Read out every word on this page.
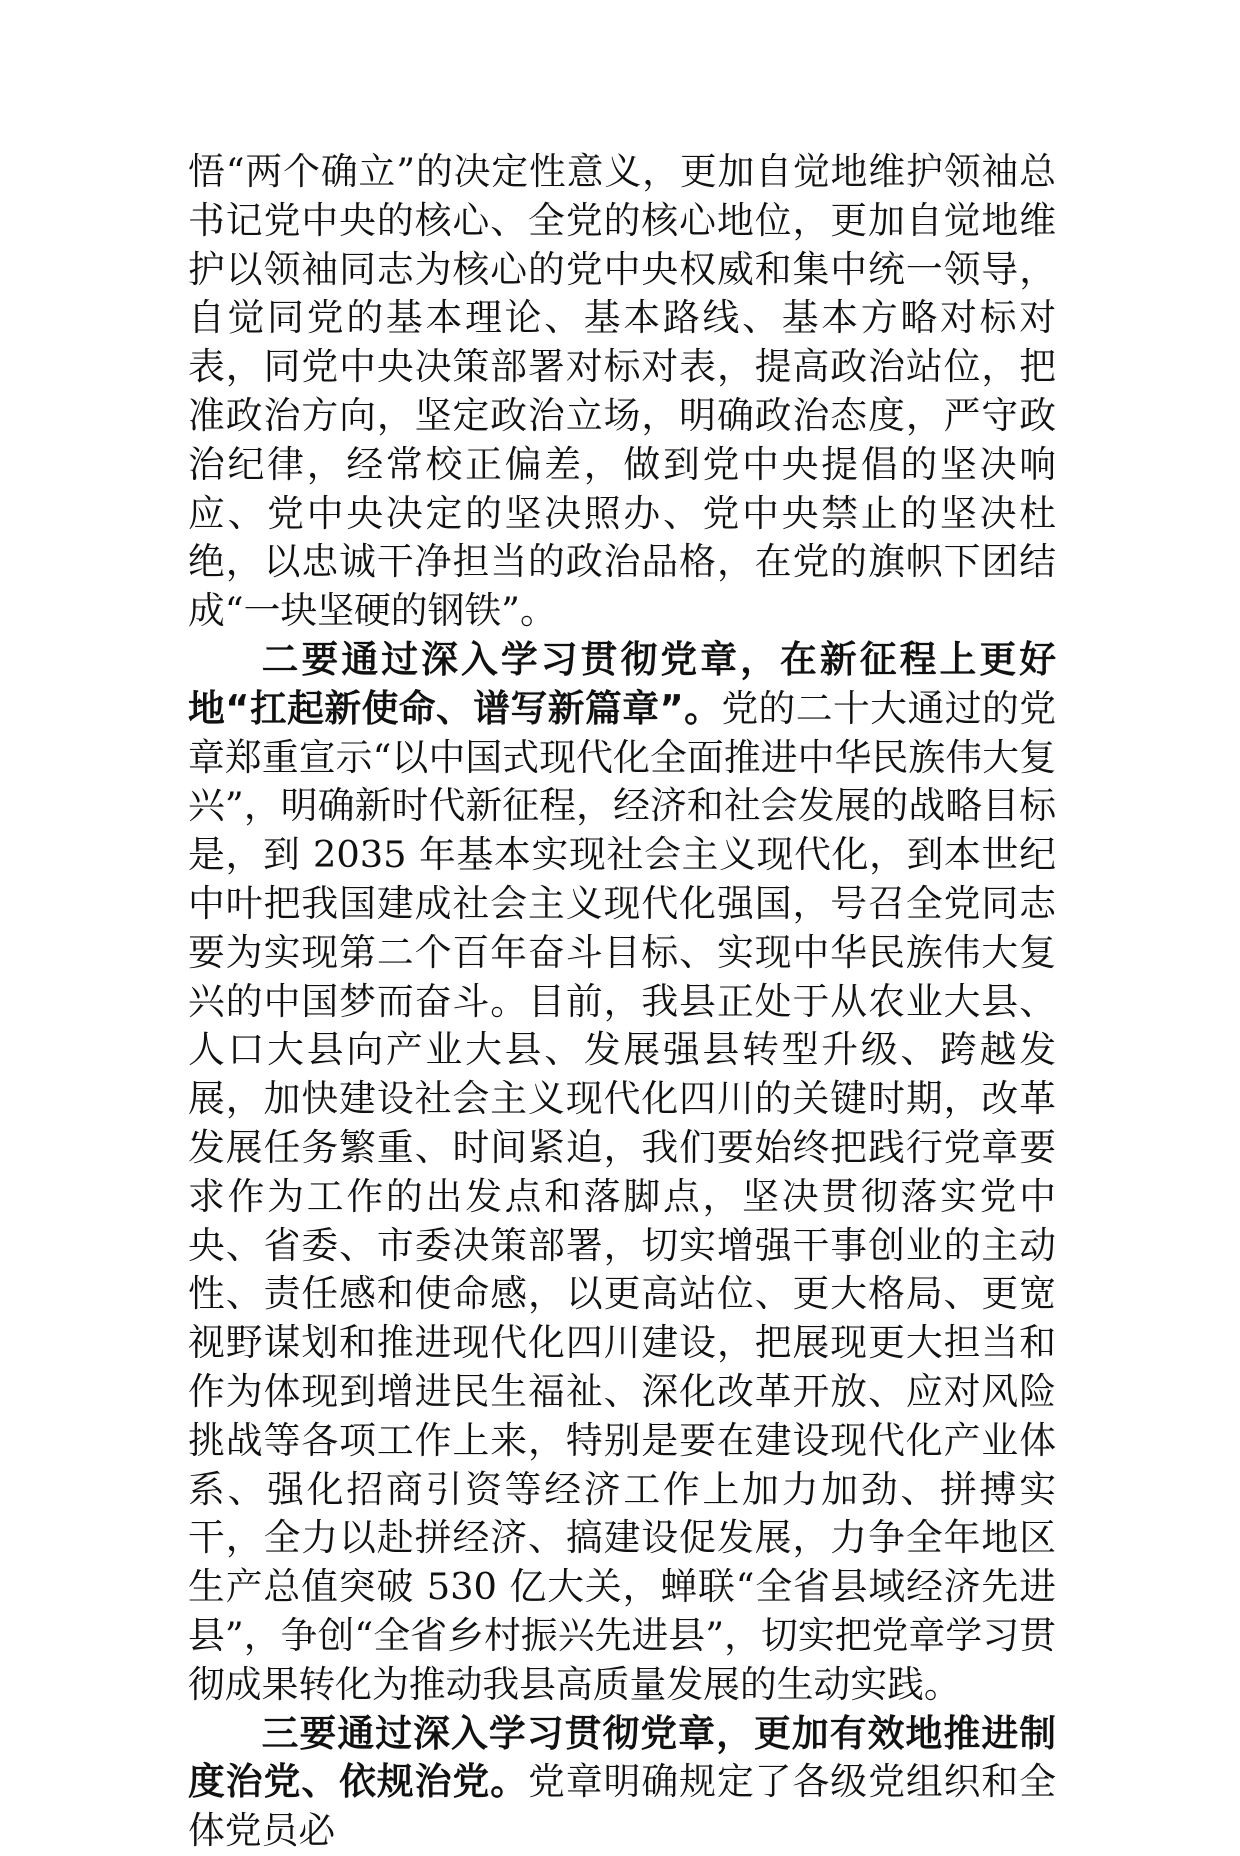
悟“两个确立”的决定性意义，更加自觉地维护领袖总书记党中央的核心、全党的核心地位，更加自觉地维护以领袖同志为核心的党中央权威和集中统一领导，自觉同党的基本理论、基本路线、基本方略对标对表，同党中央决策部署对标对表，提高政治站位，把准政治方向，坚定政治立场，明确政治态度，严守政治纪律，经常校正偏差，做到党中央提倡的坚决响应、党中央决定的坚决照办、党中央禁止的坚决杜绝，以忠诚干净担当的政治品格，在党的旗帜下团结成“一块坚硬的钢铁”。

二要通过深入学习贯彻党章，在新征程上更好地“扛起新使命、谱写新篇章”。党的二十大通过的党章郑重宣示“以中国式现代化全面推进中华民族伟大复兴”，明确新时代新征程，经济和社会发展的战略目标是，到 2035 年基本实现社会主义现代化，到本世纪中叶把我国建成社会主义现代化强国，号召全党同志要为实现第二个百年奋斗目标、实现中华民族伟大复兴的中国梦而奋斗。目前，我县正处于从农业大县、人口大县向产业大县、发展强县转型升级、跨越发展，加快建设社会主义现代化四川的关键时期，改革发展任务繁重、时间紧迫，我们要始终把践行党章要求作为工作的出发点和落脚点，坚决贯彻落实党中央、省委、市委决策部署，切实增强干事创业的主动性、责任感和使命感，以更高站位、更大格局、更宽视野谋划和推进现代化四川建设，把展现更大担当和作为体现到增进民生福祉、深化改革开放、应对风险挑战等各项工作上来，特别是要在建设现代化产业体系、强化招商引资等经济工作上加力加劲、拼搏实干，全力以赴拼经济、搞建设促发展，力争全年地区生产总值突破 530 亿大关，蝉联“全省县域经济先进县”，争创“全省乡村振兴先进县”，切实把党章学习贯彻成果转化为推动我县高质量发展的生动实践。

三要通过深入学习贯彻党章，更加有效地推进制度治党、依规治党。党章明确规定了各级党组织和全体党员必
